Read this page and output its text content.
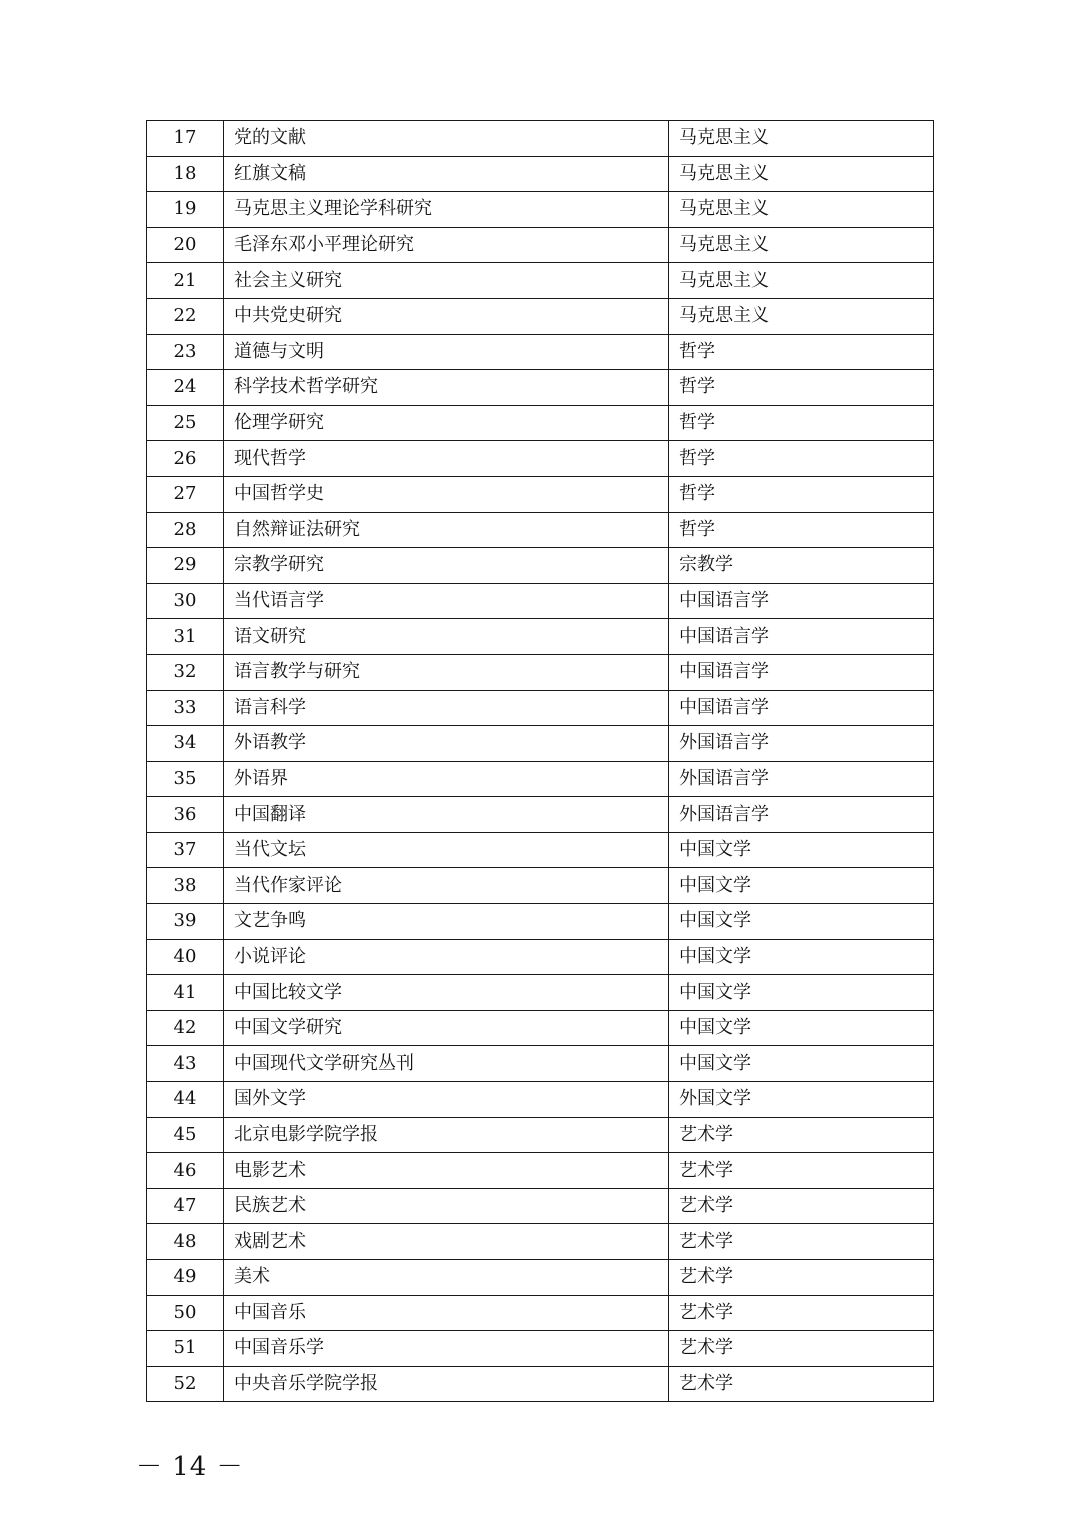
17	党的文献	马克思主义
18	红旗文稿	马克思主义
19	马克思主义理论学科研究	马克思主义
20	毛泽东邓小平理论研究	马克思主义
21	社会主义研究	马克思主义
22	中共党史研究	马克思主义
23	道德与文明	哲学
24	科学技术哲学研究	哲学
25	伦理学研究	哲学
26	现代哲学	哲学
27	中国哲学史	哲学
28	自然辩证法研究	哲学
29	宗教学研究	宗教学
30	当代语言学	中国语言学
31	语文研究	中国语言学
32	语言教学与研究	中国语言学
33	语言科学	中国语言学
34	外语教学	外国语言学
35	外语界	外国语言学
36	中国翻译	外国语言学
37	当代文坛	中国文学
38	当代作家评论	中国文学
39	文艺争鸣	中国文学
40	小说评论	中国文学
41	中国比较文学	中国文学
42	中国文学研究	中国文学
43	中国现代文学研究丛刊	中国文学
44	国外文学	外国文学
45	北京电影学院学报	艺术学
46	电影艺术	艺术学
47	民族艺术	艺术学
48	戏剧艺术	艺术学
49	美术	艺术学
50	中国音乐	艺术学
51	中国音乐学	艺术学
52	中央音乐学院学报	艺术学
－ 14 －
